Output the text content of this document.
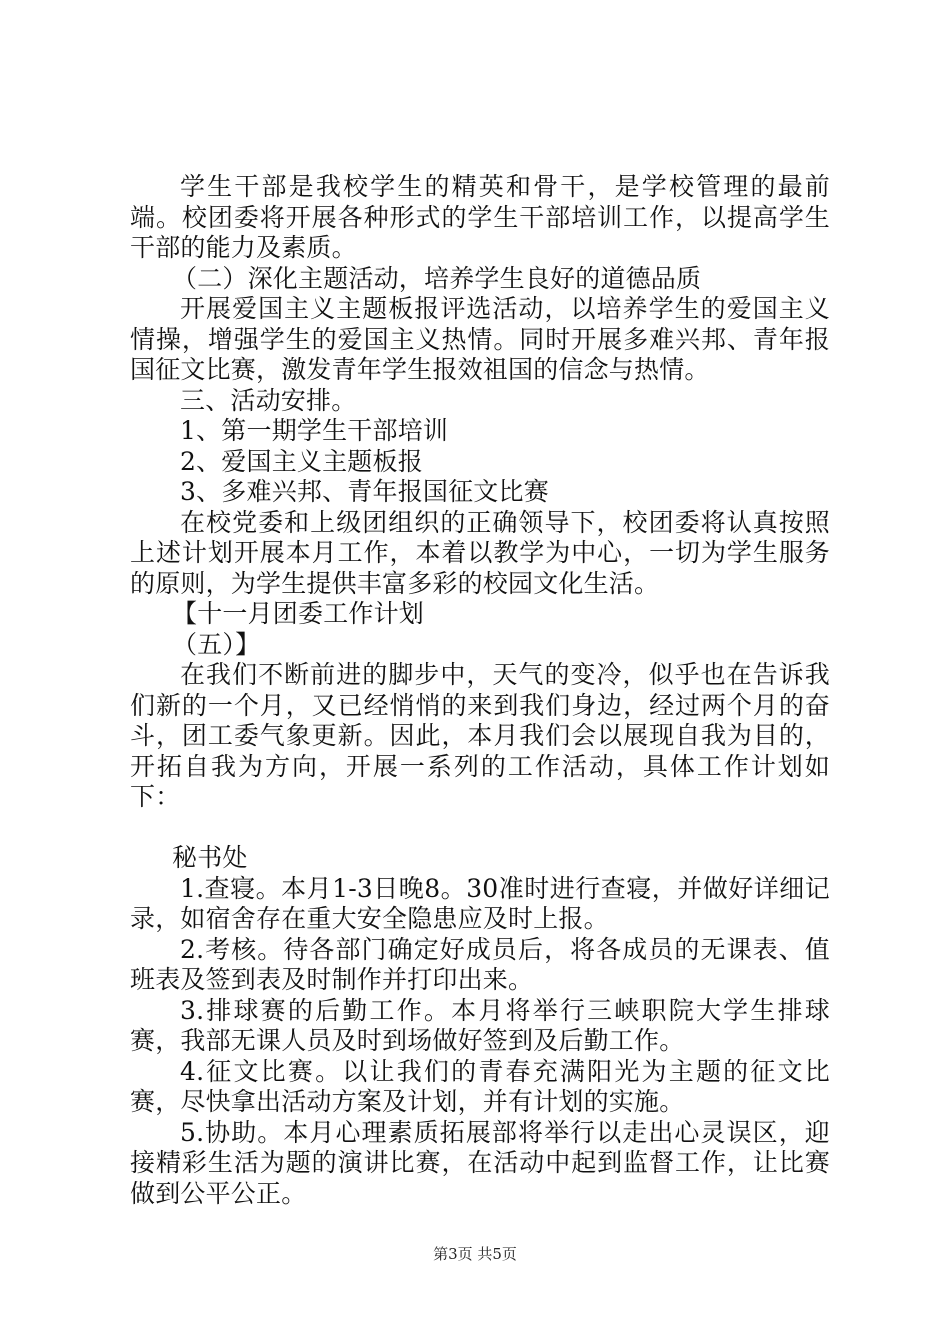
学生干部是我校学生的精英和骨干，是学校管理的最前端。校团委将开展各种形式的学生干部培训工作，以提高学生干部的能力及素质。

（二）深化主题活动，培养学生良好的道德品质

开展爱国主义主题板报评选活动，以培养学生的爱国主义情操，增强学生的爱国主义热情。同时开展多难兴邦、青年报国征文比赛，激发青年学生报效祖国的信念与热情。

三、活动安排。

1、第一期学生干部培训

2、爱国主义主题板报

3、多难兴邦、青年报国征文比赛

在校党委和上级团组织的正确领导下，校团委将认真按照上述计划开展本月工作，本着以教学为中心，一切为学生服务的原则，为学生提供丰富多彩的校园文化生活。

【十一月团委工作计划

（五）】

在我们不断前进的脚步中，天气的变冷，似乎也在告诉我们新的一个月，又已经悄悄的来到我们身边，经过两个月的奋斗，团工委气象更新。因此，本月我们会以展现自我为目的，开拓自我为方向，开展一系列的工作活动，具体工作计划如下：

秘书处

1.查寝。本月1-3日晚8。30准时进行查寝，并做好详细记录，如宿舍存在重大安全隐患应及时上报。

2.考核。待各部门确定好成员后，将各成员的无课表、值班表及签到表及时制作并打印出来。

3.排球赛的后勤工作。本月将举行三峡职院大学生排球赛，我部无课人员及时到场做好签到及后勤工作。

4.征文比赛。以让我们的青春充满阳光为主题的征文比赛，尽快拿出活动方案及计划，并有计划的实施。

5.协助。本月心理素质拓展部将举行以走出心灵误区，迎接精彩生活为题的演讲比赛，在活动中起到监督工作，让比赛做到公平公正。

第3页 共5页
